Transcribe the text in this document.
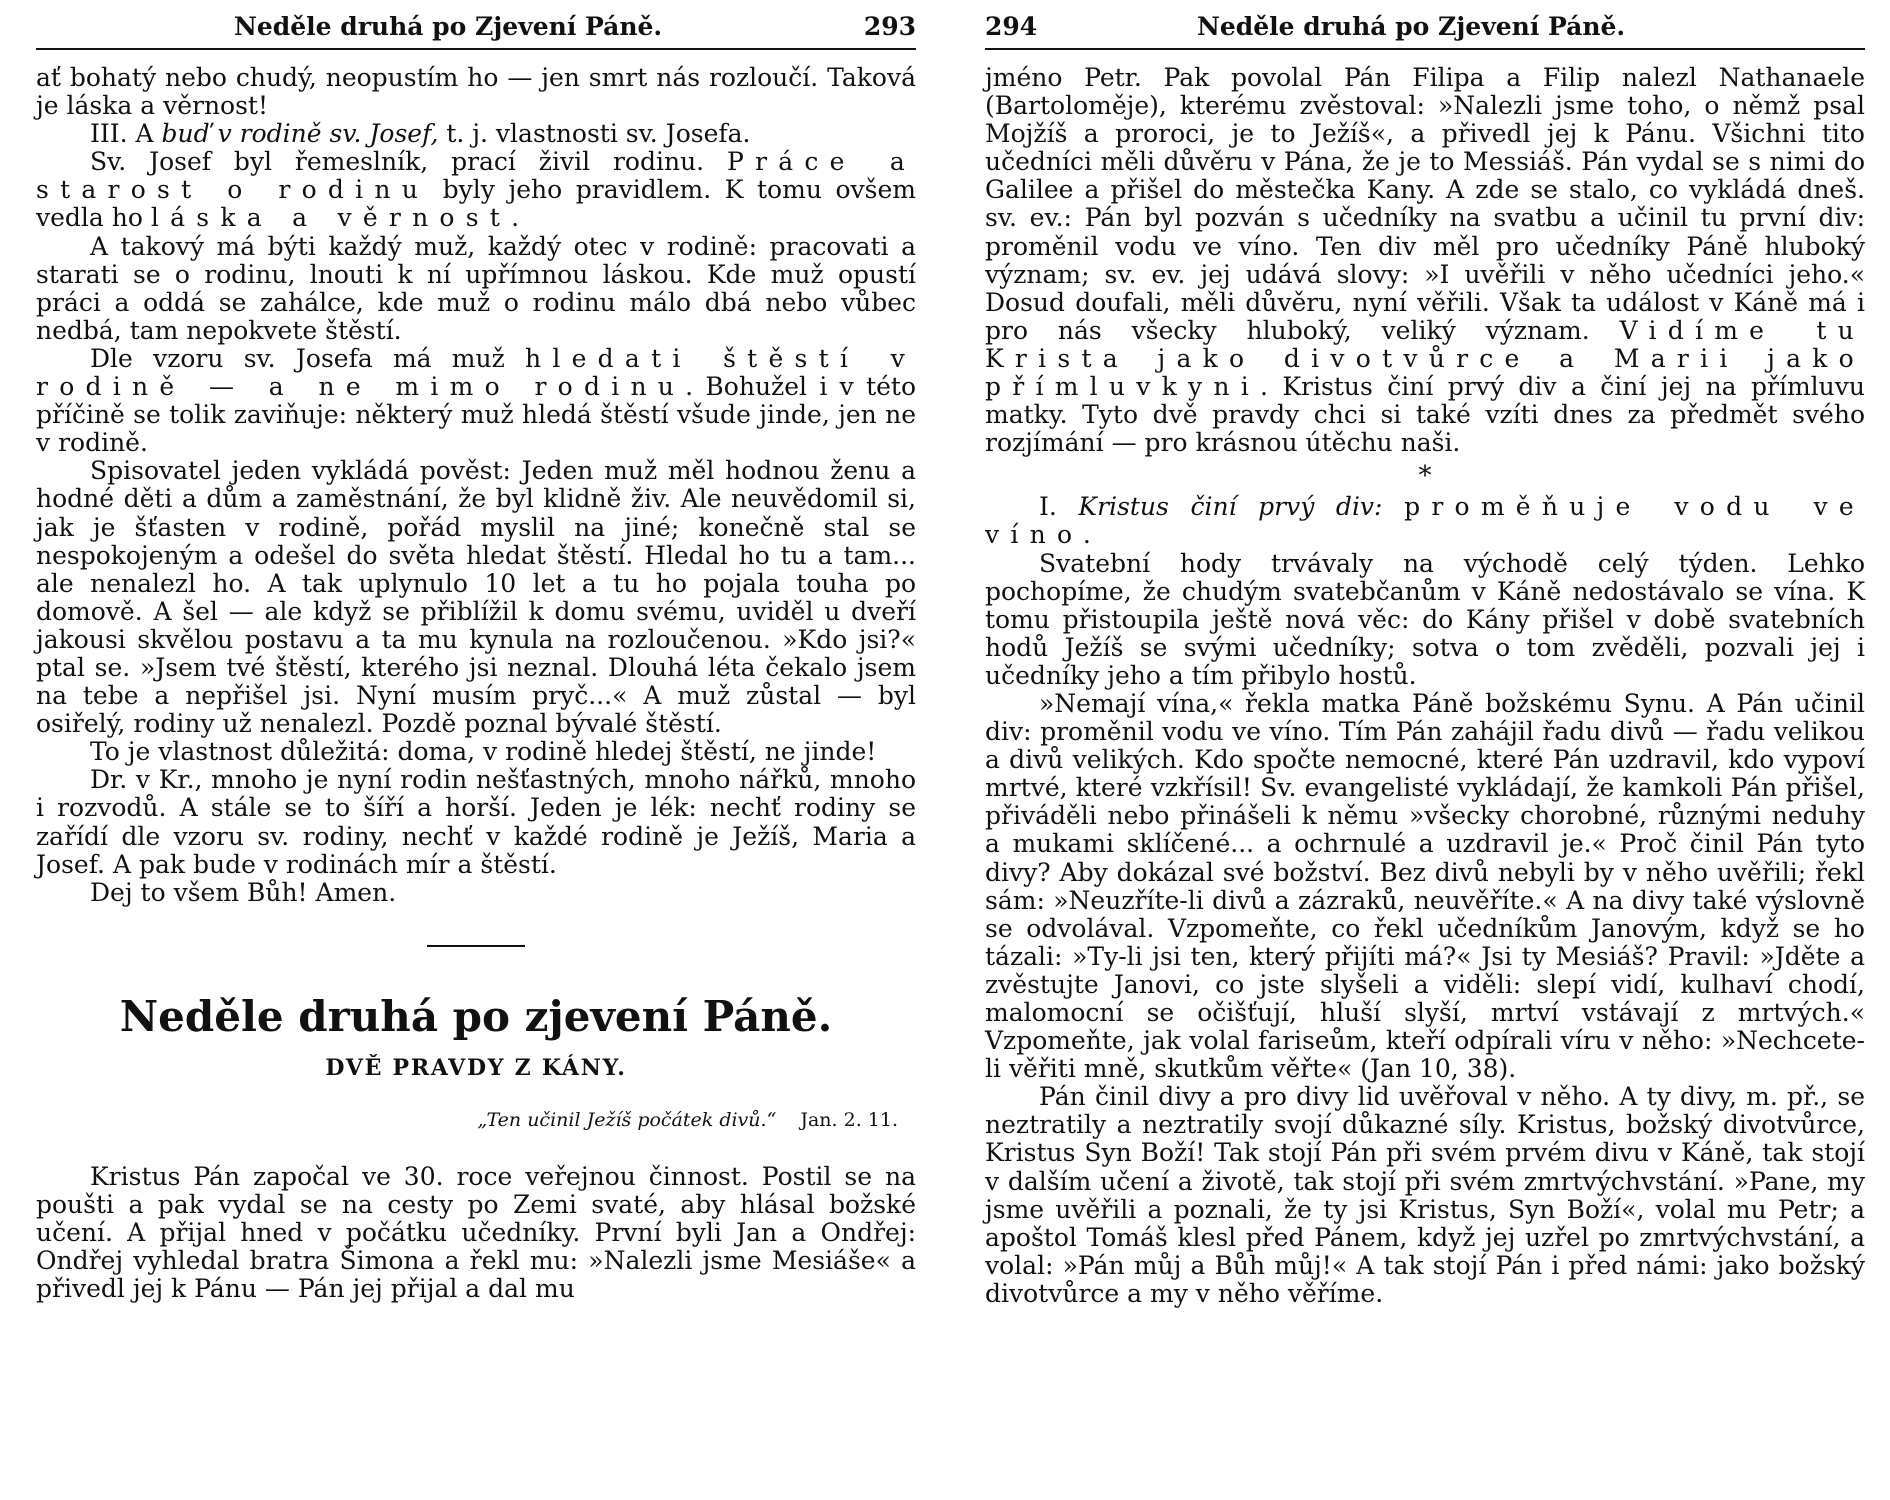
Neděle druhá po Zjevení Páně.	293

ať bohatý nebo chudý, neopustím ho — jen smrt nás rozloučí. Taková je láska a věrnost!

III. A buď v rodině sv. Josef, t. j. vlastnosti sv. Josefa.

Sv. Josef byl řemeslník, prací živil rodinu. Práce a starost o rodinu byly jeho pravidlem. K tomu ovšem vedla ho láska a věrnost.

A takový má býti každý muž, každý otec v rodině: pracovati a starati se o rodinu, lnouti k ní upřímnou láskou. Kde muž opustí práci a oddá se zahálce, kde muž o rodinu málo dbá nebo vůbec nedbá, tam nepokvete štěstí.

Dle vzoru sv. Josefa má muž hledati štěstí v rodině — a ne mimo rodinu. Bohužel i v této příčině se tolik zaviňuje: některý muž hledá štěstí všude jinde, jen ne v rodině.

Spisovatel jeden vykládá pověst: Jeden muž měl hodnou ženu a hodné děti a dům a zaměstnání, že byl klidně živ. Ale neuvědomil si, jak je šťasten v rodině, pořád myslil na jiné; konečně stal se nespokojeným a odešel do světa hledat štěstí. Hledal ho tu a tam... ale nenalezl ho. A tak uplynulo 10 let a tu ho pojala touha po domově. A šel — ale když se přiblížil k domu svému, uviděl u dveří jakousi skvělou postavu a ta mu kynula na rozloučenou. »Kdo jsi?« ptal se. »Jsem tvé štěstí, kterého jsi neznal. Dlouhá léta čekalo jsem na tebe a nepřišel jsi. Nyní musím pryč...« A muž zůstal — byl osiřelý, rodiny už nenalezl. Pozdě poznal bývalé štěstí.

To je vlastnost důležitá: doma, v rodině hledej štěstí, ne jinde!

Dr. v Kr., mnoho je nyní rodin nešťastných, mnoho nářků, mnoho i rozvodů. A stále se to šíří a horší. Jeden je lék: nechť rodiny se zařídí dle vzoru sv. rodiny, nechť v každé rodině je Ježíš, Maria a Josef. A pak bude v rodinách mír a štěstí.

Dej to všem Bůh! Amen.

Neděle druhá po zjevení Páně.
DVĚ PRAVDY Z KÁNY.
„Ten učinil Ježíš počátek divů.“ Jan. 2. 11.

Kristus Pán započal ve 30. roce veřejnou činnost. Postil se na poušti a pak vydal se na cesty po Zemi svaté, aby hlásal božské učení. A přijal hned v počátku učedníky. První byli Jan a Ondřej: Ondřej vyhledal bratra Šimona a řekl mu: »Nalezli jsme Mesiáše« a přivedl jej k Pánu — Pán jej přijal a dal mu

294	Neděle druhá po Zjevení Páně.

jméno Petr. Pak povolal Pán Filipa a Filip nalezl Nathanaele (Bartoloměje), kterému zvěstoval: »Nalezli jsme toho, o němž psal Mojžíš a proroci, je to Ježíš«, a přivedl jej k Pánu. Všichni tito učedníci měli důvěru v Pána, že je to Messiáš. Pán vydal se s nimi do Galilee a přišel do městečka Kany. A zde se stalo, co vykládá dneš. sv. ev.: Pán byl pozván s učedníky na svatbu a učinil tu první div: proměnil vodu ve víno. Ten div měl pro učedníky Páně hluboký význam; sv. ev. jej udává slovy: »I uvěřili v něho učedníci jeho.« Dosud doufali, měli důvěru, nyní věřili. Však ta událost v Káně má i pro nás všecky hluboký, veliký význam. Vidíme tu Krista jako divotvůrce a Marii jako přímluvkyni. Kristus činí prvý div a činí jej na přímluvu matky. Tyto dvě pravdy chci si také vzíti dnes za předmět svého rozjímání — pro krásnou útěchu naši.

*

I. Kristus činí prvý div: proměňuje vodu ve víno.

Svatební hody trvávaly na východě celý týden. Lehko pochopíme, že chudým svatebčanům v Káně nedostávalo se vína. K tomu přistoupila ještě nová věc: do Kány přišel v době svatebních hodů Ježíš se svými učedníky; sotva o tom zvěděli, pozvali jej i učedníky jeho a tím přibylo hostů.

»Nemají vína,« řekla matka Páně božskému Synu. A Pán učinil div: proměnil vodu ve víno. Tím Pán zahájil řadu divů — řadu velikou a divů velikých. Kdo spočte nemocné, které Pán uzdravil, kdo vypoví mrtvé, které vzkřísil! Sv. evangelisté vykládají, že kamkoli Pán přišel, přiváděli nebo přinášeli k němu »všecky chorobné, různými neduhy a mukami sklíčené... a ochrnulé a uzdravil je.« Proč činil Pán tyto divy? Aby dokázal své božství. Bez divů nebyli by v něho uvěřili; řekl sám: »Neuzříte-li divů a zázraků, neuvěříte.« A na divy také výslovně se odvolával. Vzpomeňte, co řekl učedníkům Janovým, když se ho tázali: »Ty-li jsi ten, který přijíti má?« Jsi ty Mesiáš? Pravil: »Jděte a zvěstujte Janovi, co jste slyšeli a viděli: slepí vidí, kulhaví chodí, malomocní se očišťují, hluší slyší, mrtví vstávají z mrtvých.« Vzpomeňte, jak volal fariseům, kteří odpírali víru v něho: »Nechcete-li věřiti mně, skutkům věřte« (Jan 10, 38).

Pán činil divy a pro divy lid uvěřoval v něho. A ty divy, m. př., se neztratily a neztratily svojí důkazné síly. Kristus, božský divotvůrce, Kristus Syn Boží! Tak stojí Pán při svém prvém divu v Káně, tak stojí v dalším učení a životě, tak stojí při svém zmrtvýchvstání. »Pane, my jsme uvěřili a poznali, že ty jsi Kristus, Syn Boží«, volal mu Petr; a apoštol Tomáš klesl před Pánem, když jej uzřel po zmrtvýchvstání, a volal: »Pán můj a Bůh můj!« A tak stojí Pán i před námi: jako božský divotvůrce a my v něho věříme.
